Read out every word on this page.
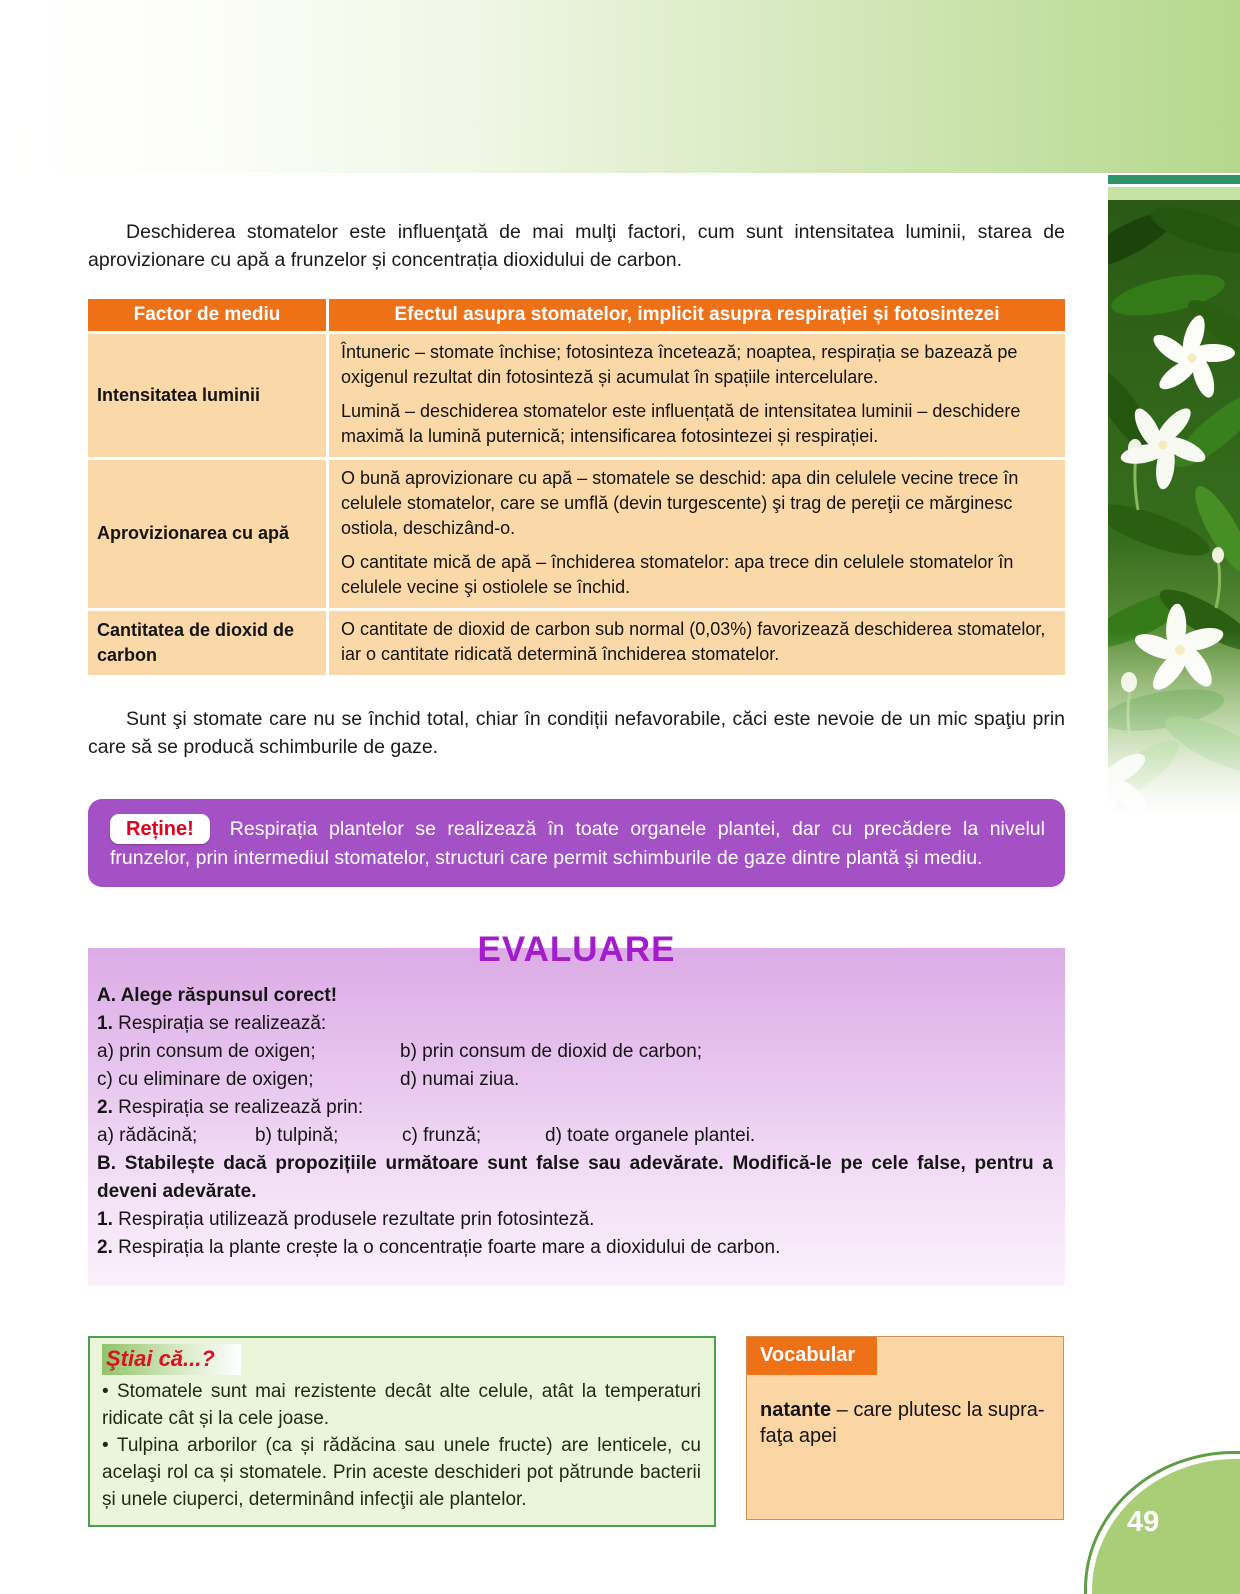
Deschiderea stomatelor este influenţată de mai mulţi factori, cum sunt intensitatea luminii, starea de aprovizionare cu apă a frunzelor și concentrația dioxidului de carbon.

Factor de mediu	Efectul asupra stomatelor, implicit asupra respirației și fotosintezei
Intensitatea luminii	Întuneric – stomate închise; fotosinteza încetează; noaptea, respirația se bazează pe oxigenul rezultat din fotosinteză și acumulat în spațiile intercelulare.

Lumină – deschiderea stomatelor este influențată de intensitatea luminii – deschidere maximă la lumină puternică; intensificarea fotosintezei și respirației.

Aprovizionarea cu apă	O bună aprovizionare cu apă – stomatele se deschid: apa din celulele vecine trece în celulele stomatelor, care se umflă (devin turgescente) şi trag de pereţii ce mărginesc ostiola, deschizând-o.

O cantitate mică de apă – închiderea stomatelor: apa trece din celulele stomatelor în celulele vecine şi ostiolele se închid.

Cantitatea de dioxid de carbon	O cantitate de dioxid de carbon sub normal (0,03%) favorizează deschiderea stomatelor, iar o cantitate ridicată determină închiderea stomatelor.

Sunt şi stomate care nu se închid total, chiar în condiții nefavorabile, căci este nevoie de un mic spaţiu prin care să se producă schimburile de gaze.

Reține! Respirația plantelor se realizează în toate organele plantei, dar cu precădere la nivelul frunzelor, prin intermediul stomatelor, structuri care permit schimburile de gaze dintre plantă şi mediu.
EVALUARE
A. Alege răspunsul corect!
1. Respirația se realizează:
a) prin consum de oxigen;	b) prin consum de dioxid de carbon;
c) cu eliminare de oxigen;	d) numai ziua.
2. Respirația se realizează prin:
a) rădăcină;	b) tulpină;	c) frunză;	d) toate organele plantei.
B. Stabilește dacă propozițiile următoare sunt false sau adevărate. Modifică-le pe cele false, pentru a deveni adevărate.
1. Respirația utilizează produsele rezultate prin fotosinteză.
2. Respirația la plante crește la o concentrație foarte mare a dioxidului de carbon.
Ştiai că...?

• Stomatele sunt mai rezistente decât alte celule, atât la temperaturi ridicate cât și la cele joase.

• Tulpina arborilor (ca și rădăcina sau unele fructe) are lenticele, cu acelaşi rol ca și stomatele. Prin aceste deschideri pot pătrunde bacterii și unele ciuperci, determinând infecţii ale plantelor.

Vocabular
natante – care plutesc la supra-faţa apei
49
